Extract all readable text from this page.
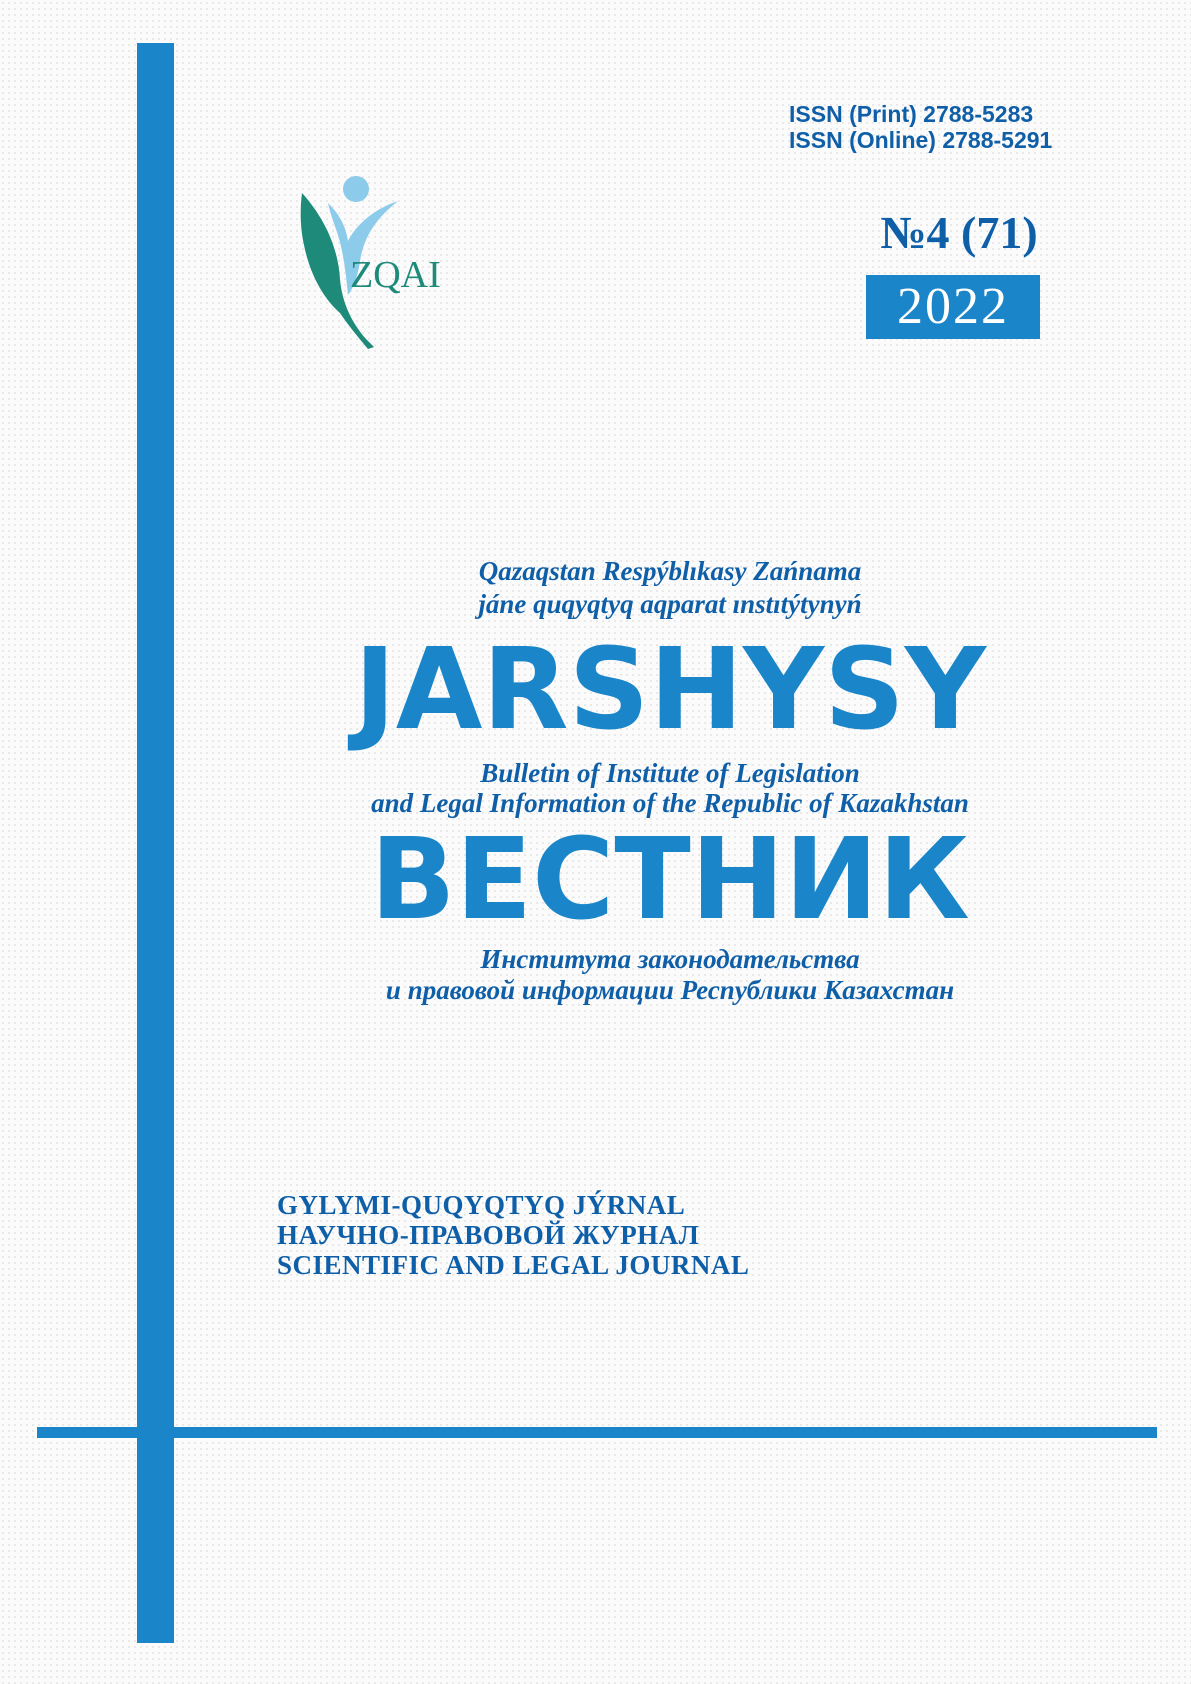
ISSN (Print) 2788-5283
ISSN (Online) 2788-5291
ZQAI
№4 (71)
2022
Qazaqstan Respýblıkasy Zańnama
jáne quqyqtyq aqparat ınstıtýtynyń
JARSHYSY
Bulletin of Institute of Legislation
and Legal Information of the Republic of Kazakhstan
ВЕСТНИК
Института законодательства
и правовой информации Республики Казахстан
GYLYMI-QUQYQTYQ JÝRNAL
НАУЧНО-ПРАВОВОЙ ЖУРНАЛ
SCIENTIFIC AND LEGAL JOURNAL
